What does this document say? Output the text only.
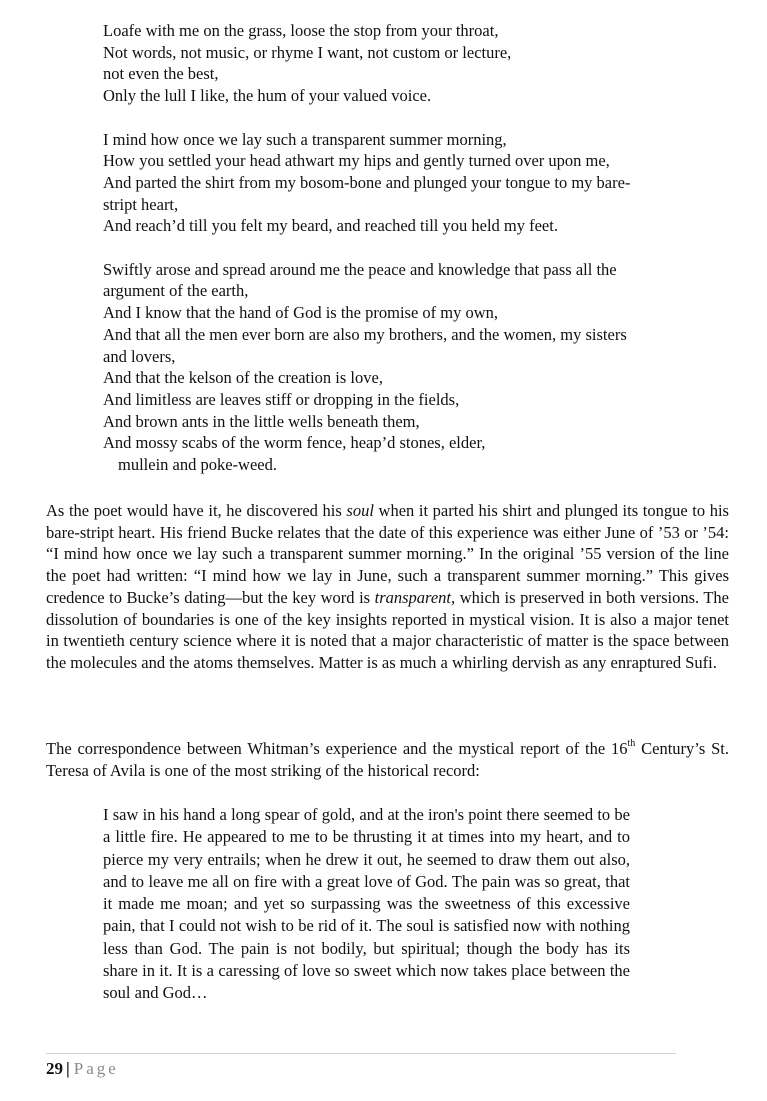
Loafe with me on the grass, loose the stop from your throat,
Not words, not music, or rhyme I want, not custom or lecture,
not even the best,
Only the lull I like, the hum of your valued voice.
I mind how once we lay such a transparent summer morning,
How you settled your head athwart my hips and gently turned over upon me,
And parted the shirt from my bosom-bone and plunged your tongue to my bare-
stript heart,
And reach’d till you felt my beard, and reached till you held my feet.
Swiftly arose and spread around me the peace and knowledge that pass all the
argument of the earth,
And I know that the hand of God is the promise of my own,
And that all the men ever born are also my brothers, and the women, my sisters
and lovers,
And that the kelson of the creation is love,
And limitless are leaves stiff or dropping in the fields,
And brown ants in the little wells beneath them,
And mossy scabs of the worm fence, heap’d stones, elder,
mullein and poke-weed.

As the poet would have it, he discovered his soul when it parted his shirt and plunged its tongue to his bare-stript heart. His friend Bucke relates that the date of this experience was either June of ’53 or ’54: “I mind how once we lay such a transparent summer morning.” In the original ’55 version of the line the poet had written: “I mind how we lay in June, such a transparent summer morning.” This gives credence to Bucke’s dating—but the key word is transparent, which is preserved in both versions. The dissolution of boundaries is one of the key insights reported in mystical vision. It is also a major tenet in twentieth century science where it is noted that a major characteristic of matter is the space between the molecules and the atoms themselves. Matter is as much a whirling dervish as any enraptured Sufi.

The correspondence between Whitman’s experience and the mystical report of the 16th Century’s St. Teresa of Avila is one of the most striking of the historical record:

I saw in his hand a long spear of gold, and at the iron's point there seemed to be a little fire. He appeared to me to be thrusting it at times into my heart, and to pierce my very entrails; when he drew it out, he seemed to draw them out also, and to leave me all on fire with a great love of God. The pain was so great, that it made me moan; and yet so surpassing was the sweetness of this excessive pain, that I could not wish to be rid of it. The soul is satisfied now with nothing less than God. The pain is not bodily, but spiritual; though the body has its share in it. It is a caressing of love so sweet which now takes place between the soul and God…

29 | Page
